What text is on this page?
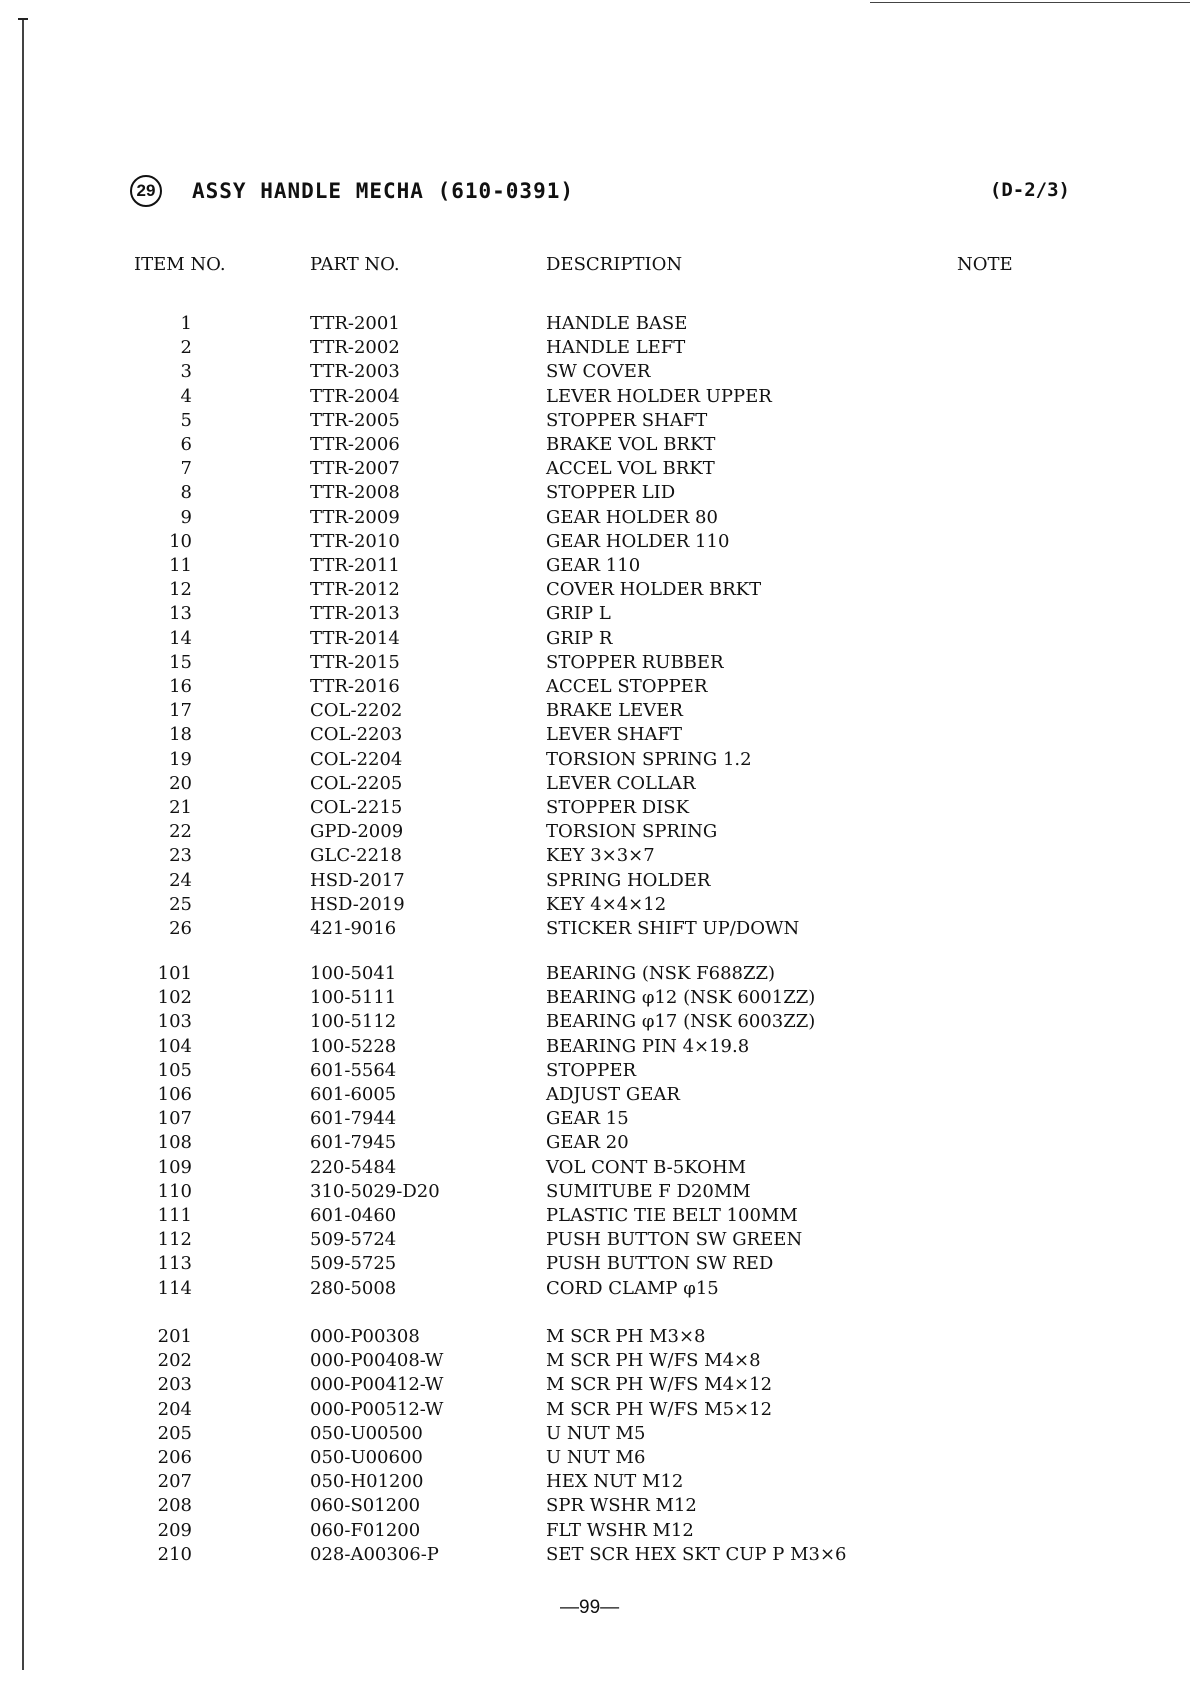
29	ASSY HANDLE MECHA (610-0391)	(D-2/3)
ITEM NO.	PART NO.	DESCRIPTION	NOTE
1	TTR-2001	HANDLE BASE
2	TTR-2002	HANDLE LEFT
3	TTR-2003	SW COVER
4	TTR-2004	LEVER HOLDER UPPER
5	TTR-2005	STOPPER SHAFT
6	TTR-2006	BRAKE VOL BRKT
7	TTR-2007	ACCEL VOL BRKT
8	TTR-2008	STOPPER LID
9	TTR-2009	GEAR HOLDER 80
10	TTR-2010	GEAR HOLDER 110
11	TTR-2011	GEAR 110
12	TTR-2012	COVER HOLDER BRKT
13	TTR-2013	GRIP L
14	TTR-2014	GRIP R
15	TTR-2015	STOPPER RUBBER
16	TTR-2016	ACCEL STOPPER
17	COL-2202	BRAKE LEVER
18	COL-2203	LEVER SHAFT
19	COL-2204	TORSION SPRING 1.2
20	COL-2205	LEVER COLLAR
21	COL-2215	STOPPER DISK
22	GPD-2009	TORSION SPRING
23	GLC-2218	KEY 3×3×7
24	HSD-2017	SPRING HOLDER
25	HSD-2019	KEY 4×4×12
26	421-9016	STICKER SHIFT UP/DOWN
101	100-5041	BEARING (NSK F688ZZ)
102	100-5111	BEARING φ12 (NSK 6001ZZ)
103	100-5112	BEARING φ17 (NSK 6003ZZ)
104	100-5228	BEARING PIN 4×19.8
105	601-5564	STOPPER
106	601-6005	ADJUST GEAR
107	601-7944	GEAR 15
108	601-7945	GEAR 20
109	220-5484	VOL CONT B-5KOHM
110	310-5029-D20	SUMITUBE F D20MM
111	601-0460	PLASTIC TIE BELT 100MM
112	509-5724	PUSH BUTTON SW GREEN
113	509-5725	PUSH BUTTON SW RED
114	280-5008	CORD CLAMP φ15
201	000-P00308	M SCR PH M3×8
202	000-P00408-W	M SCR PH W/FS M4×8
203	000-P00412-W	M SCR PH W/FS M4×12
204	000-P00512-W	M SCR PH W/FS M5×12
205	050-U00500	U NUT M5
206	050-U00600	U NUT M6
207	050-H01200	HEX NUT M12
208	060-S01200	SPR WSHR M12
209	060-F01200	FLT WSHR M12
210	028-A00306-P	SET SCR HEX SKT CUP P M3×6
—99—
